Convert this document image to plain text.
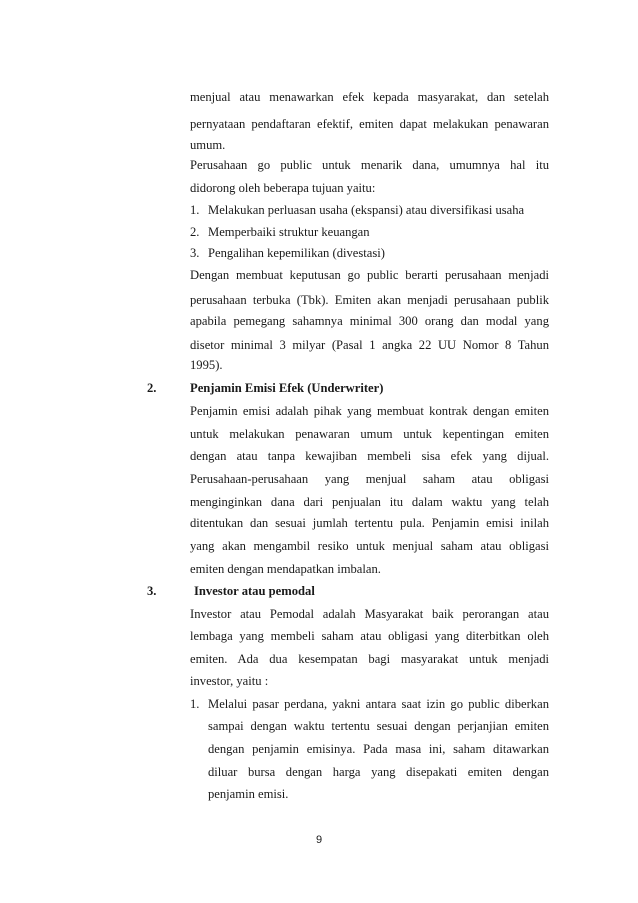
menjual atau menawarkan efek kepada masyarakat, dan setelah

pernyataan pendaftaran efektif, emiten dapat melakukan penawaran

umum.

Perusahaan go public untuk menarik dana, umumnya hal itu

didorong oleh beberapa tujuan yaitu:

1. Melakukan perluasan usaha (ekspansi) atau diversifikasi usaha

2. Memperbaiki struktur keuangan

3. Pengalihan kepemilikan (divestasi)

Dengan membuat keputusan go public berarti perusahaan menjadi

perusahaan terbuka (Tbk). Emiten akan menjadi perusahaan publik

apabila pemegang sahamnya minimal 300 orang dan modal yang

disetor minimal 3 milyar (Pasal 1 angka 22 UU Nomor 8 Tahun

1995).

2.	Penjamin Emisi Efek (Underwriter)

Penjamin emisi adalah pihak yang membuat kontrak dengan emiten

untuk melakukan penawaran umum untuk kepentingan emiten

dengan atau tanpa kewajiban membeli sisa efek yang dijual.

Perusahaan-perusahaan yang menjual saham atau obligasi

menginginkan dana dari penjualan itu dalam waktu yang telah

ditentukan dan sesuai jumlah tertentu pula. Penjamin emisi inilah

yang akan mengambil resiko untuk menjual saham atau obligasi

emiten dengan mendapatkan imbalan.

3.	Investor atau pemodal

Investor atau Pemodal adalah Masyarakat baik perorangan atau

lembaga yang membeli saham atau obligasi yang diterbitkan oleh

emiten. Ada dua kesempatan bagi masyarakat untuk menjadi

investor, yaitu :

1. Melalui pasar perdana, yakni antara saat izin go public diberkan

sampai dengan waktu tertentu sesuai dengan perjanjian emiten

dengan penjamin emisinya. Pada masa ini, saham ditawarkan

diluar bursa dengan harga yang disepakati emiten dengan

penjamin emisi.

9
